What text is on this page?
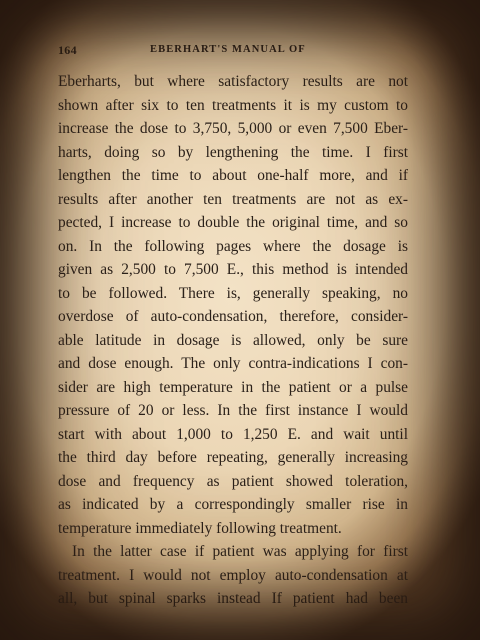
164	EBERHART'S MANUAL OF
Eberharts, but where satisfactory results are not
shown after six to ten treatments it is my custom to
increase the dose to 3,750, 5,000 or even 7,500 Eber-
harts, doing so by lengthening the time. I first
lengthen the time to about one-half more, and if
results after another ten treatments are not as ex-
pected, I increase to double the original time, and so
on. In the following pages where the dosage is
given as 2,500 to 7,500 E., this method is intended
to be followed. There is, generally speaking, no
overdose of auto-condensation, therefore, consider-
able latitude in dosage is allowed, only be sure
and dose enough. The only contra-indications I con-
sider are high temperature in the patient or a pulse
pressure of 20 or less. In the first instance I would
start with about 1,000 to 1,250 E. and wait until
the third day before repeating, generally increasing
dose and frequency as patient showed toleration,
as indicated by a correspondingly smaller rise in
temperature immediately following treatment.
In the latter case if patient was applying for first
treatment. I would not employ auto-condensation at
all, but spinal sparks instead If patient had been
